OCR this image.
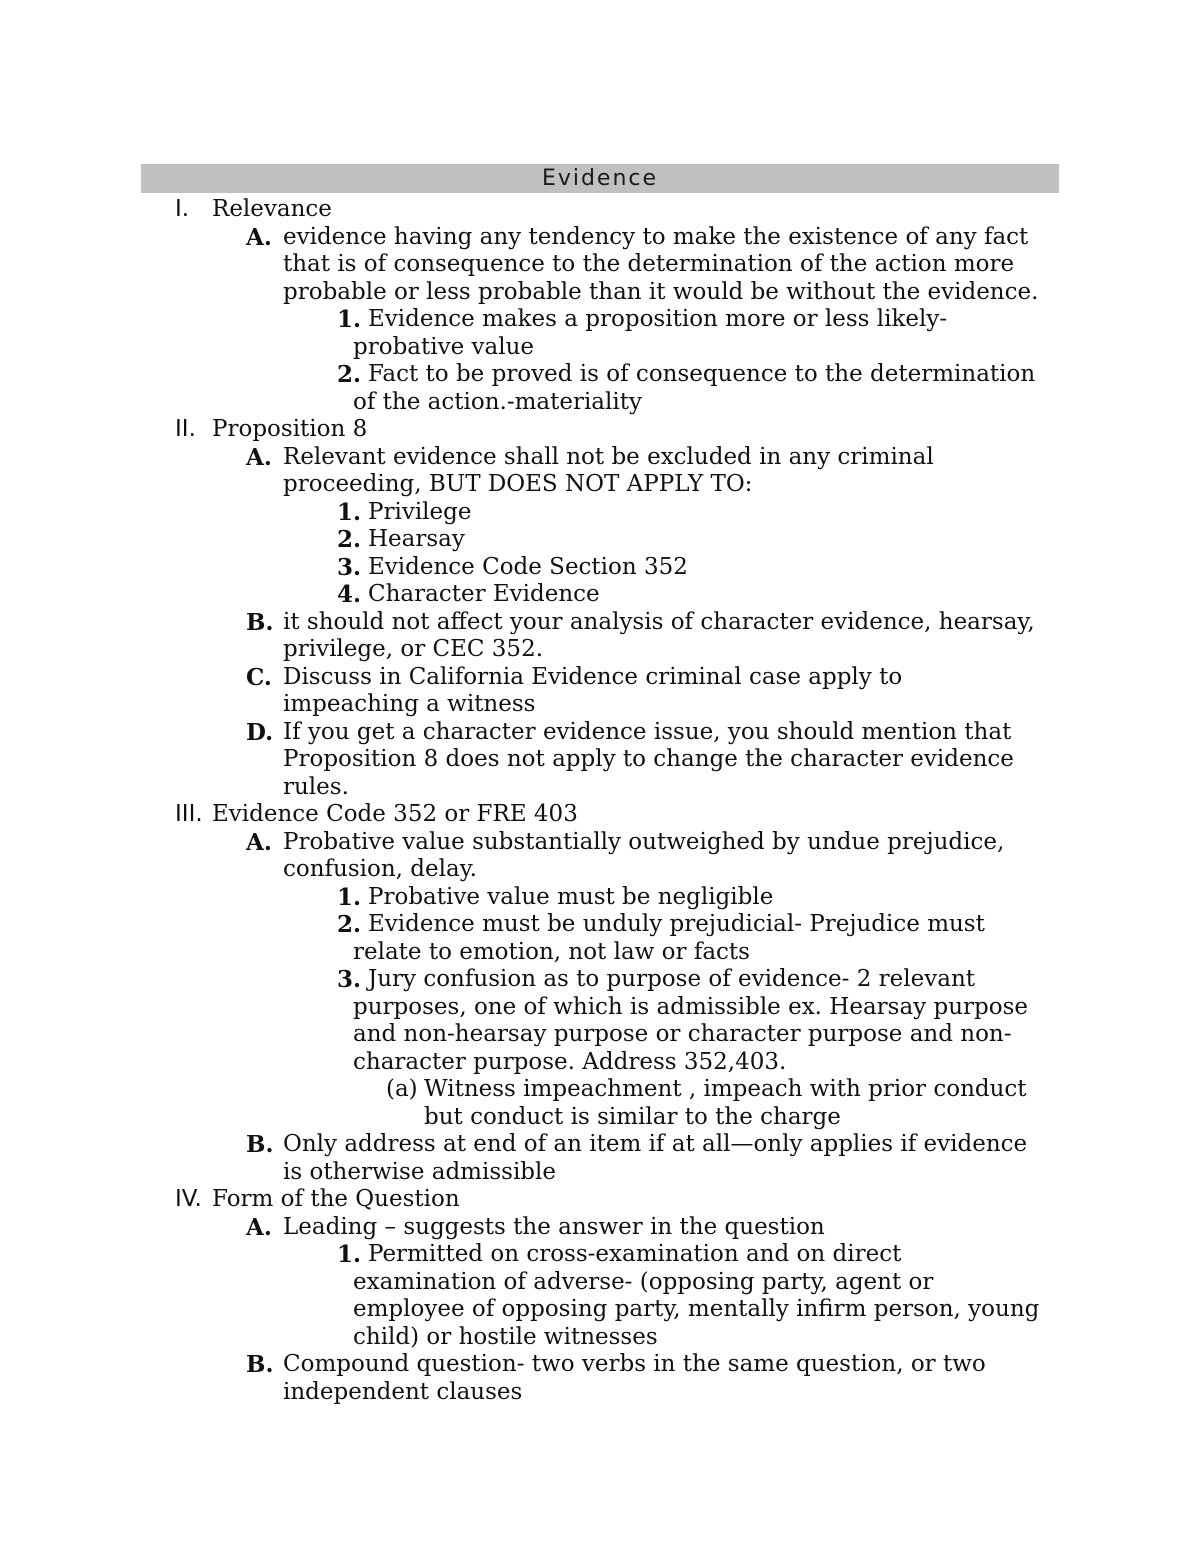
Evidence
I. Relevance
A. evidence having any tendency to make the existence of any fact
that is of consequence to the determination of the action more
probable or less probable than it would be without the evidence.
1. Evidence makes a proposition more or less likely-
probative value
2. Fact to be proved is of consequence to the determination
of the action.-materiality
II. Proposition 8
A. Relevant evidence shall not be excluded in any criminal
proceeding, BUT DOES NOT APPLY TO:
1. Privilege
2. Hearsay
3. Evidence Code Section 352
4. Character Evidence
B. it should not affect your analysis of character evidence, hearsay,
privilege, or CEC 352.
C. Discuss in California Evidence criminal case apply to
impeaching a witness
D. If you get a character evidence issue, you should mention that
Proposition 8 does not apply to change the character evidence
rules.
III. Evidence Code 352 or FRE 403
A. Probative value substantially outweighed by undue prejudice,
confusion, delay.
1. Probative value must be negligible
2. Evidence must be unduly prejudicial- Prejudice must
relate to emotion, not law or facts
3. Jury confusion as to purpose of evidence- 2 relevant
purposes, one of which is admissible ex. Hearsay purpose
and non-hearsay purpose or character purpose and non-
character purpose. Address 352,403.
(a) Witness impeachment , impeach with prior conduct
but conduct is similar to the charge
B. Only address at end of an item if at all—only applies if evidence
is otherwise admissible
IV. Form of the Question
A. Leading – suggests the answer in the question
1. Permitted on cross-examination and on direct
examination of adverse- (opposing party, agent or
employee of opposing party, mentally infirm person, young
child) or hostile witnesses
B. Compound question- two verbs in the same question, or two
independent clauses
